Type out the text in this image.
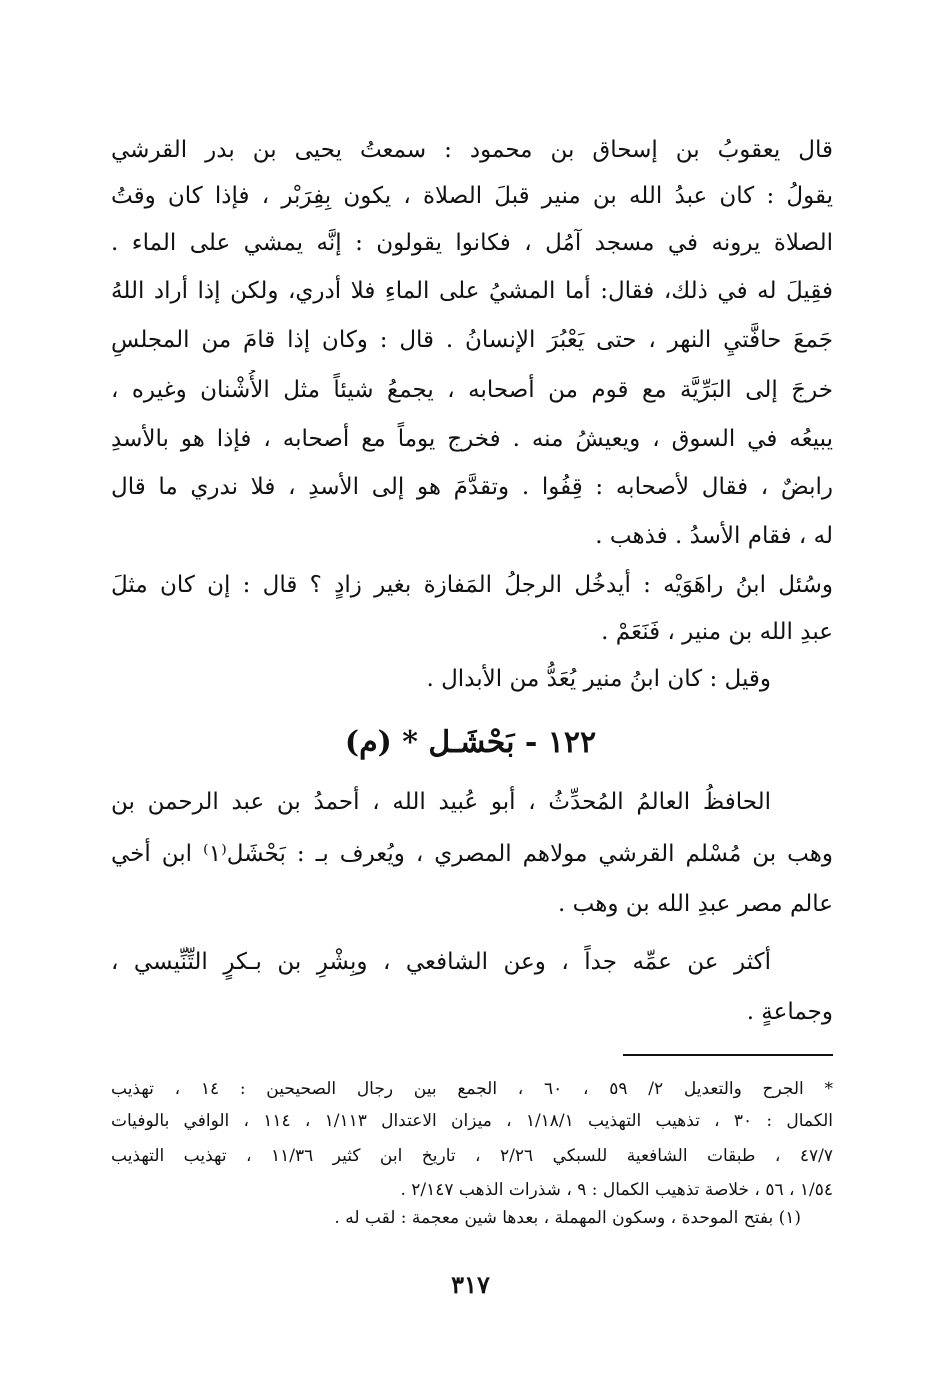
قال يعقوبُ بن إسحاق بن محمود : سمعتُ يحيى بن بدر القرشي
يقولُ : كان عبدُ الله بن منير قبلَ الصلاة ، يكون بِفِرَبْر ، فإذا كان وقتُ
الصلاة يرونه في مسجد آمُل ، فكانوا يقولون : إنَّه يمشي على الماء .
فقِيلَ له في ذلك، فقال: أما المشيُ على الماءِ فلا أدري، ولكن إذا أراد اللهُ
جَمعَ حافَّتيِ النهر ، حتى يَعْبُرَ الإنسانُ . قال : وكان إذا قامَ من المجلسِ
خرجَ إلى البَرِّيَّة مع قوم من أصحابه ، يجمعُ شيئاً مثل الأُشْنان وغيره ،
يبيعُه في السوق ، ويعيشُ منه . فخرج يوماً مع أصحابه ، فإذا هو بالأسدِ
رابضٌ ، فقال لأصحابه : قِفُوا . وتقدَّمَ هو إلى الأسدِ ، فلا ندري ما قال
له ، فقام الأسدُ . فذهب .
وسُئل ابنُ راهَوَيْه : أيدخُل الرجلُ المَفازة بغير زادٍ ؟ قال : إن كان مثلَ
عبدِ الله بن منير ، فَنَعَمْ .
وقيل : كان ابنُ منير يُعَدُّ من الأبدال .
١٢٢ - بَحْشَـل * (م)
الحافظُ العالمُ المُحدِّثُ ، أبو عُبيد الله ، أحمدُ بن عبد الرحمن بن
وهب بن مُسْلم القرشي مولاهم المصري ، ويُعرف بـ : بَحْشَل⁽١⁾ ابن أخي
عالم مصر عبدِ الله بن وهب .
أكثر عن عمِّه جداً ، وعن الشافعي ، وبِشْرِ بن بـكرٍ التِّنِّيسي ،
وجماعةٍ .
* الجرح والتعديل ٢/ ٥٩ ، ٦٠ ، الجمع بين رجال الصحيحين : ١٤ ، تهذيب
الكمال : ٣٠ ، تذهيب التهذيب ١/١٨/١ ، ميزان الاعتدال ١/١١٣ ، ١١٤ ، الوافي بالوفيات
٤٧/٧ ، طبقات الشافعية للسبكي ٢/٢٦ ، تاريخ ابن كثير ١١/٣٦ ، تهذيب التهذيب
١/٥٤ ، ٥٦ ، خلاصة تذهيب الكمال : ٩ ، شذرات الذهب ٢/١٤٧ .
(١) بفتح الموحدة ، وسكون المهملة ، بعدها شين معجمة : لقب له .
٣١٧
